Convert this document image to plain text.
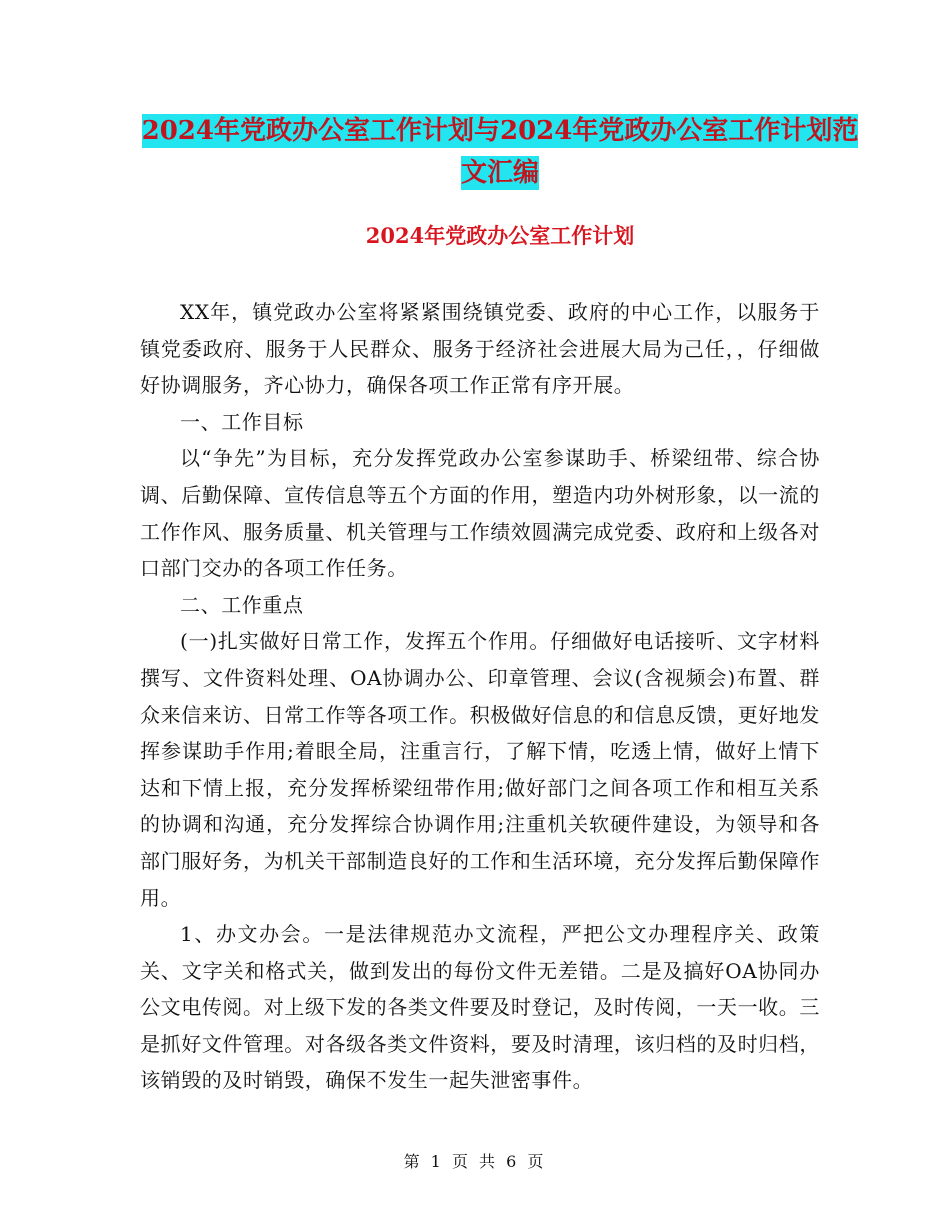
2024年党政办公室工作计划与2024年党政办公室工作计划范文汇编
2024年党政办公室工作计划

XX年，镇党政办公室将紧紧围绕镇党委、政府的中心工作，以服务于镇党委政府、服务于人民群众、服务于经济社会进展大局为己任，，仔细做好协调服务，齐心协力，确保各项工作正常有序开展。

一、工作目标

以“争先”为目标，充分发挥党政办公室参谋助手、桥梁纽带、综合协调、后勤保障、宣传信息等五个方面的作用，塑造内功外树形象，以一流的工作作风、服务质量、机关管理与工作绩效圆满完成党委、政府和上级各对口部门交办的各项工作任务。

二、工作重点

(一)扎实做好日常工作，发挥五个作用。仔细做好电话接听、文字材料撰写、文件资料处理、OA协调办公、印章管理、会议(含视频会)布置、群众来信来访、日常工作等各项工作。积极做好信息的和信息反馈，更好地发挥参谋助手作用;着眼全局，注重言行，了解下情，吃透上情，做好上情下达和下情上报，充分发挥桥梁纽带作用;做好部门之间各项工作和相互关系的协调和沟通，充分发挥综合协调作用;注重机关软硬件建设，为领导和各部门服好务，为机关干部制造良好的工作和生活环境，充分发挥后勤保障作用。

1、办文办会。一是法律规范办文流程，严把公文办理程序关、政策关、文字关和格式关，做到发出的每份文件无差错。二是及搞好OA协同办公文电传阅。对上级下发的各类文件要及时登记，及时传阅，一天一收。三是抓好文件管理。对各级各类文件资料，要及时清理，该归档的及时归档，该销毁的及时销毁，确保不发生一起失泄密事件。

第 1 页 共 6 页
